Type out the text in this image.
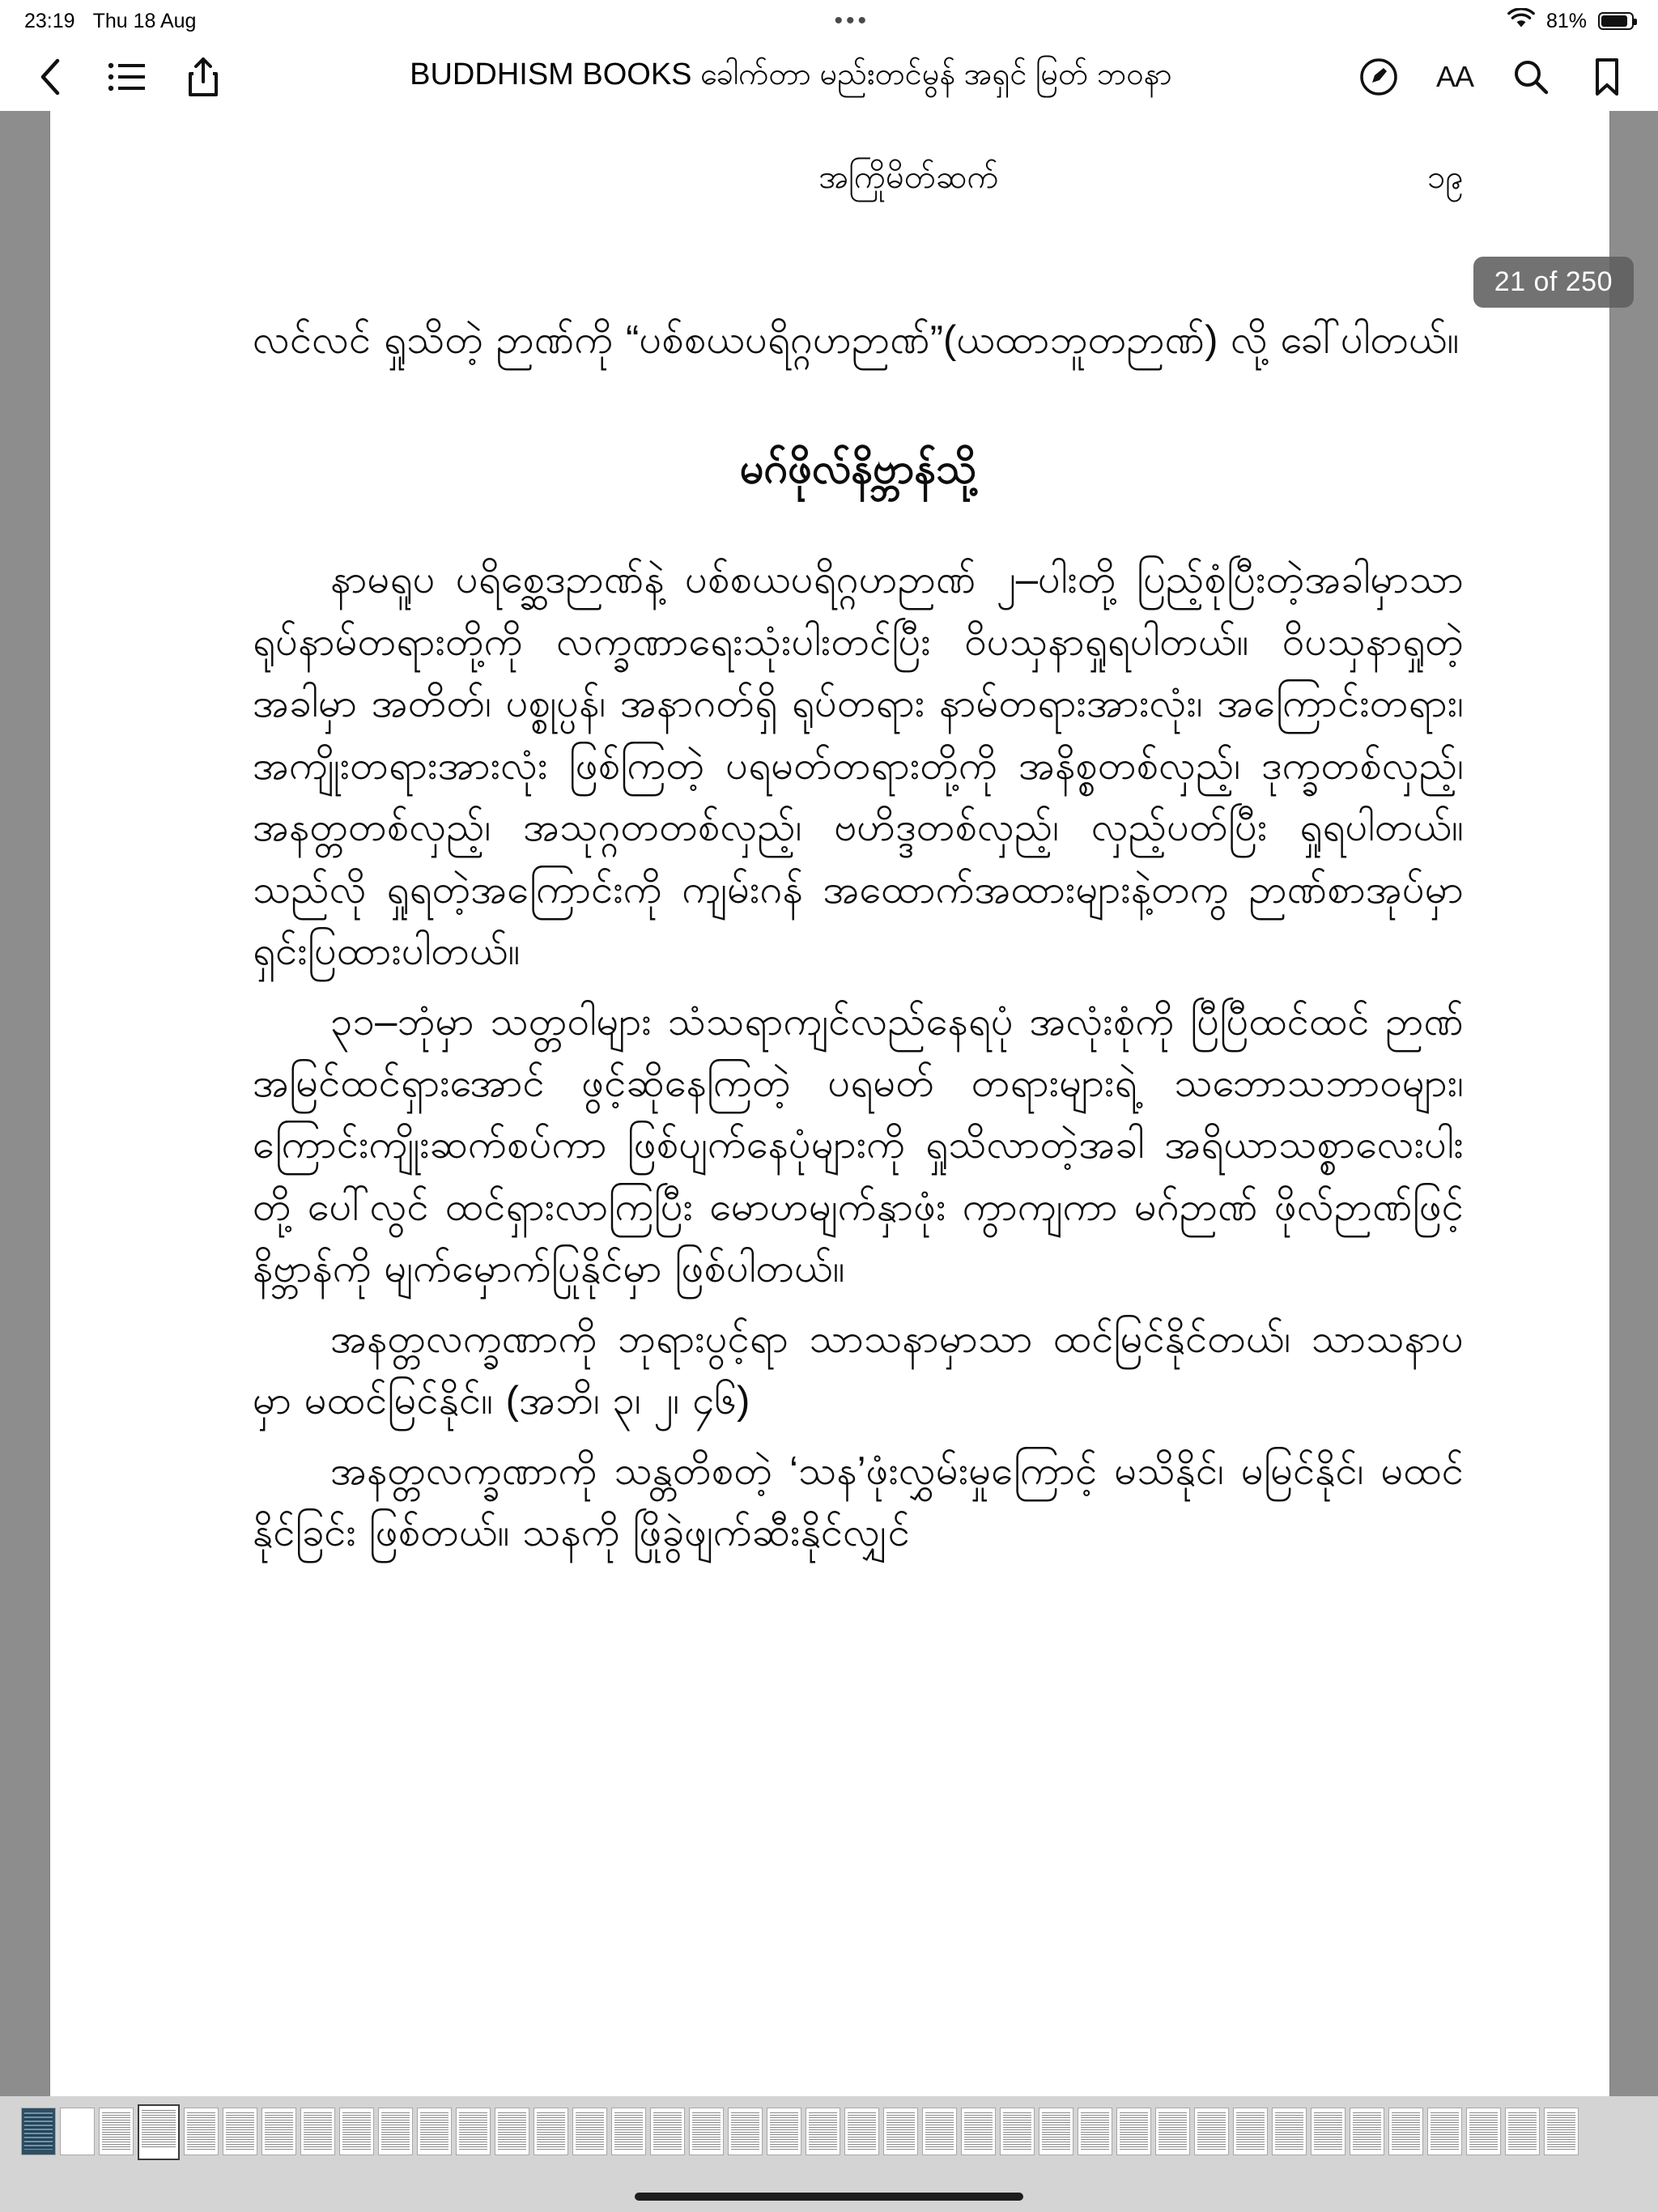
23:19 Thu 18 Aug	•••	81%
BUDDHISM BOOKS ခေါက်တာ မည်းတင်မွန် အရှင် မြတ် ဘဝနာ	AA
အကြိုမိတ်ဆက်	၁၉

လင်လင် ရှုသိတဲ့ ဉာဏ်ကို “ပစ်စယပရိဂ္ဂဟဉာဏ်”(ယထာဘူတဉာဏ်) လို့ ခေါ်ပါတယ်။

မဂ်ဖိုလ်နိဗ္ဘာန်သို့

နာမရူပ ပရိစ္ဆေဒဉာဏ်နဲ့ ပစ်စယပရိဂ္ဂဟဉာဏ် ၂–ပါးတို့ ပြည့်စုံပြီးတဲ့အခါမှာသာ ရုပ်နာမ်တရားတို့ကို လက္ခဏာရေးသုံးပါးတင်ပြီး ဝိပသှနာရှုရပါတယ်။ ဝိပသှနာရှုတဲ့အခါမှာ အတိတ်၊ ပစ္စုပ္ပန်၊ အနာဂတ်ရှိ ရုပ်တရား နာမ်တရားအားလုံး၊ အကြောင်းတရား၊ အကျိုးတရားအားလုံး ဖြစ်ကြတဲ့ ပရမတ်တရားတို့ကို အနိစ္စတစ်လှည့်၊ ဒုက္ခတစ်လှည့်၊ အနတ္တတစ်လှည့်၊ အသုဂ္ဂတတစ်လှည့်၊ ဗဟိဒ္ဒတစ်လှည့်၊ လှည့်ပတ်ပြီး ရှုရပါတယ်။ သည်လို ရှုရတဲ့အကြောင်းကို ကျမ်းဂန် အထောက်အထားများနဲ့တကွ ဉာဏ်စာအုပ်မှာ ရှင်းပြထားပါတယ်။

၃၁–ဘုံမှာ သတ္တဝါများ သံသရာကျင်လည်နေရပုံ အလုံးစုံကို ပြီပြီထင်ထင် ဉာဏ်အမြင်ထင်ရှားအောင် ဖွင့်ဆိုနေကြတဲ့ ပရမတ် တရားများရဲ့ သဘောသဘာဝများ၊ ကြောင်းကျိုးဆက်စပ်ကာ ဖြစ်ပျက်နေပုံများကို ရှုသိလာတဲ့အခါ အရိယာသစ္စာလေးပါးတို့ ပေါ်လွင် ထင်ရှားလာကြပြီး မောဟမျက်နှာဖုံး ကွာကျကာ မဂ်ဉာဏ် ဖိုလ်ဉာဏ်ဖြင့် နိဗ္ဘာန်ကို မျက်မှောက်ပြုနိုင်မှာ ဖြစ်ပါတယ်။

အနတ္တလက္ခဏာကို ဘုရားပွင့်ရာ သာသနာမှာသာ ထင်မြင်နိုင်တယ်၊ သာသနာပမှာ မထင်မြင်နိုင်။ (အဘိ၊ ၃၊ ၂၊ ၄၆)

အနတ္တလက္ခဏာကို သန္တတိစတဲ့ ‘သန’ဖုံးလွှမ်းမှုကြောင့် မသိနိုင်၊ မမြင်နိုင်၊ မထင်နိုင်ခြင်း ဖြစ်တယ်။ သနကို ဖြိုခွဲဖျက်ဆီးနိုင်လျှင်

21 of 250
